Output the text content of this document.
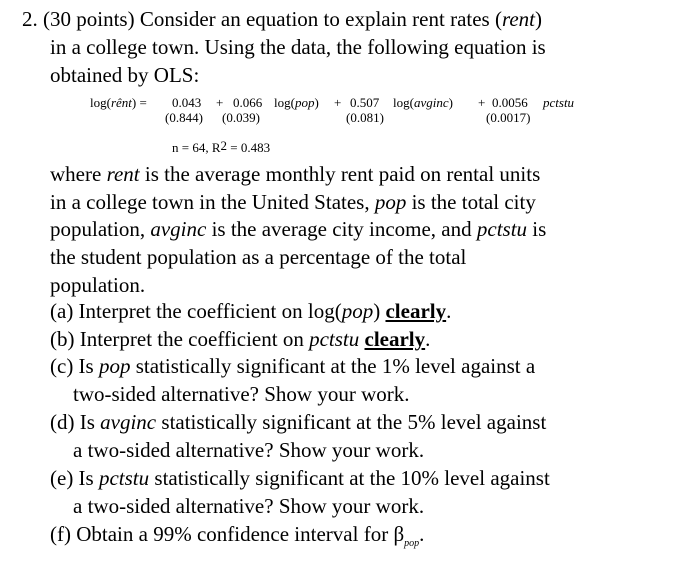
2. (30 points) Consider an equation to explain rent rates (rent)
in a college town. Using the data, the following equation is
obtained by OLS:
log(rênt) = 0.043 + 0.066 log(pop) + 0.507 log(avginc) + 0.0056 pctstu
(0.844) (0.039)	(0.081)	(0.0017)
n = 64, $R^2 = 0.483$
where rent is the average monthly rent paid on rental units
in a college town in the United States, pop is the total city
population, avginc is the average city income, and pctstu is
the student population as a percentage of the total
population.
(a) Interpret the coefficient on log(pop) clearly.
(b) Interpret the coefficient on pctstu clearly.
(c) Is pop statistically significant at the 1% level against a
two-sided alternative? Show your work.
(d) Is avginc statistically significant at the 5% level against
a two-sided alternative? Show your work.
(e) Is pctstu statistically significant at the 10% level against
a two-sided alternative? Show your work.
(f) Obtain a 99% confidence interval for $\beta_{pop}$.
